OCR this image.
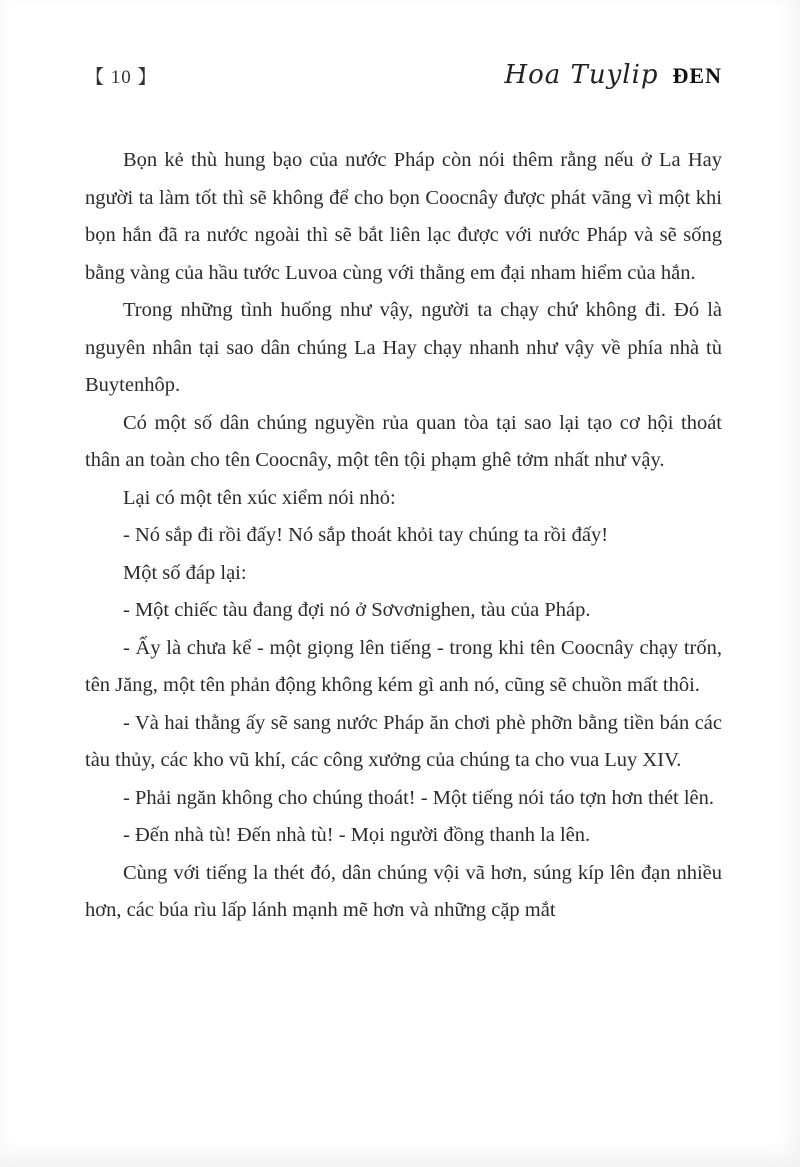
【 10 】	Hoa Tuylip ĐEN

Bọn kẻ thù hung bạo của nước Pháp còn nói thêm rằng nếu ở La Hay người ta làm tốt thì sẽ không để cho bọn Coocnây được phát vãng vì một khi bọn hắn đã ra nước ngoài thì sẽ bắt liên lạc được với nước Pháp và sẽ sống bằng vàng của hầu tước Luvoa cùng với thằng em đại nham hiểm của hắn.

Trong những tình huống như vậy, người ta chạy chứ không đi. Đó là nguyên nhân tại sao dân chúng La Hay chạy nhanh như vậy về phía nhà tù Buytenhôp.

Có một số dân chúng nguyền rủa quan tòa tại sao lại tạo cơ hội thoát thân an toàn cho tên Coocnây, một tên tội phạm ghê tởm nhất như vậy.

Lại có một tên xúc xiểm nói nhỏ:

- Nó sắp đi rồi đấy! Nó sắp thoát khỏi tay chúng ta rồi đấy!

Một số đáp lại:

- Một chiếc tàu đang đợi nó ở Sơvơnighen, tàu của Pháp.

- Ấy là chưa kể - một giọng lên tiếng - trong khi tên Coocnây chạy trốn, tên Jăng, một tên phản động không kém gì anh nó, cũng sẽ chuồn mất thôi.

- Và hai thằng ấy sẽ sang nước Pháp ăn chơi phè phỡn bằng tiền bán các tàu thủy, các kho vũ khí, các công xưởng của chúng ta cho vua Luy XIV.

- Phải ngăn không cho chúng thoát! - Một tiếng nói táo tợn hơn thét lên.

- Đến nhà tù! Đến nhà tù! - Mọi người đồng thanh la lên.

Cùng với tiếng la thét đó, dân chúng vội vã hơn, súng kíp lên đạn nhiều hơn, các búa rìu lấp lánh mạnh mẽ hơn và những cặp mắt
